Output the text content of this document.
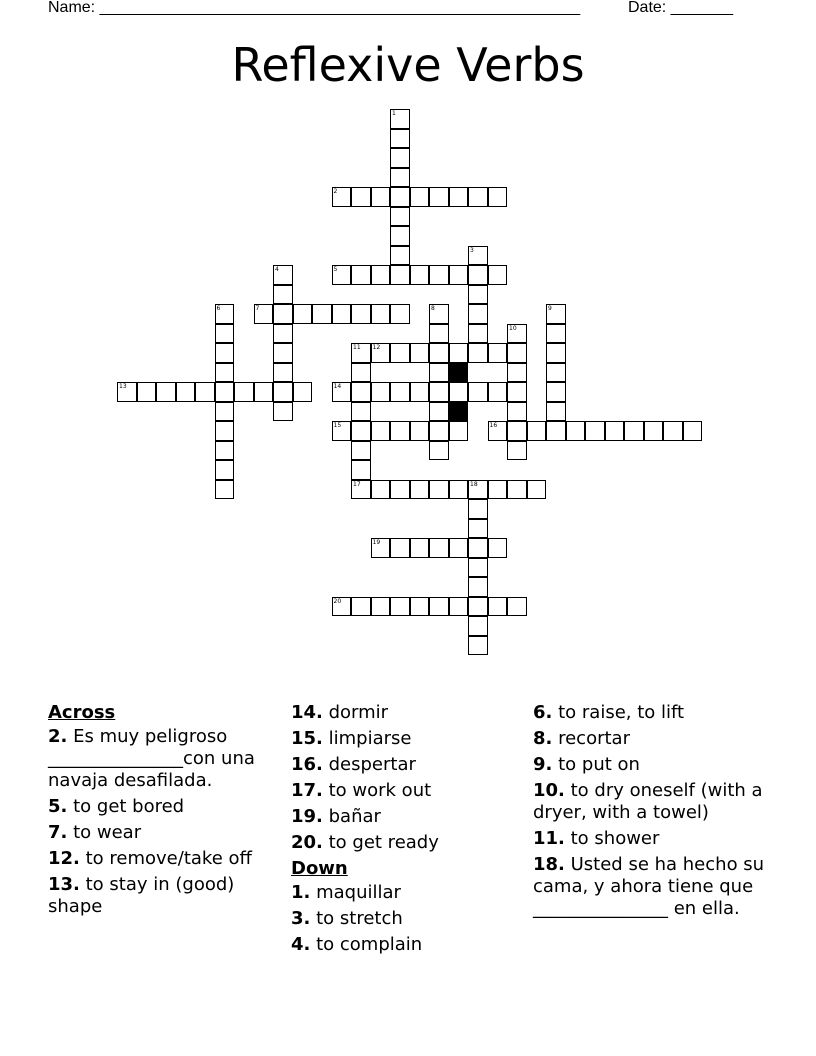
Name: ______________________________________________________	Date: _______
Reflexive Verbs
1
2
3
4	5
6	7	8	9
10
11 12
13	14
15	16
17	18
19
20
Across
2. Es muy peligroso _______________con una navaja desafilada.
5. to get bored
7. to wear
12. to remove/take off
13. to stay in (good) shape
14. dormir
15. limpiarse
16. despertar
17. to work out
19. bañar
20. to get ready
Down
1. maquillar
3. to stretch
4. to complain
6. to raise, to lift
8. recortar
9. to put on
10. to dry oneself (with a dryer, with a towel)
11. to shower
18. Usted se ha hecho su cama, y ahora tiene que _______________ en ella.
